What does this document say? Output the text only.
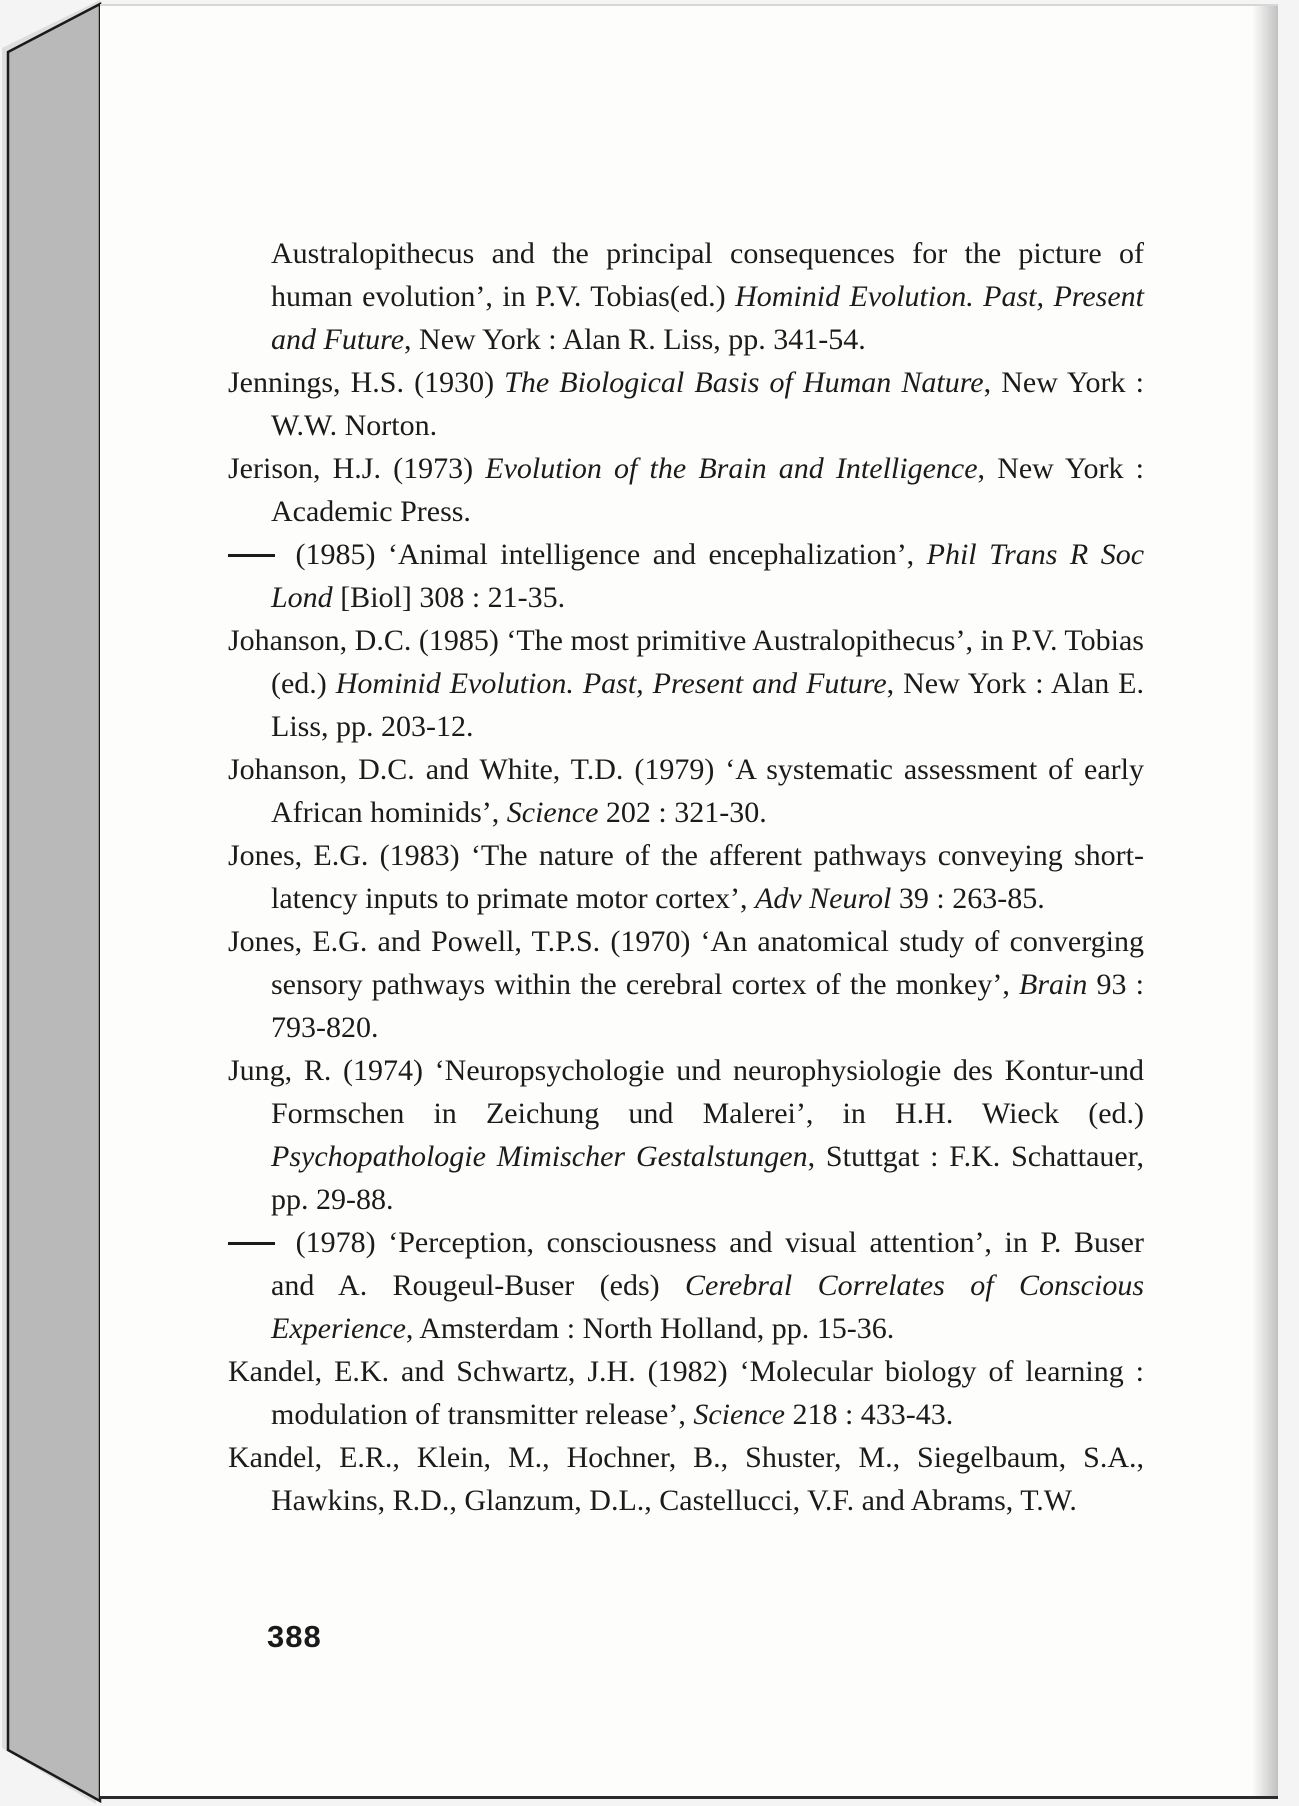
Australopithecus and the principal consequences for the picture of human evolution’, in P.V. Tobias(ed.) Hominid Evolution. Past, Present and Future, New York : Alan R. Liss, pp. 341-54.

Jennings, H.S. (1930) The Biological Basis of Human Nature, New York : W.W. Norton.

Jerison, H.J. (1973) Evolution of the Brain and Intelligence, New York : Academic Press.

(1985) ‘Animal intelligence and encephalization’, Phil Trans R Soc Lond [Biol] 308 : 21-35.

Johanson, D.C. (1985) ‘The most primitive Australopithecus’, in P.V. Tobias (ed.) Hominid Evolution. Past, Present and Future, New York : Alan E. Liss, pp. 203-12.

Johanson, D.C. and White, T.D. (1979) ‘A systematic assessment of early African hominids’, Science 202 : 321-30.

Jones, E.G. (1983) ‘The nature of the afferent pathways conveying short-latency inputs to primate motor cortex’, Adv Neurol 39 : 263-85.

Jones, E.G. and Powell, T.P.S. (1970) ‘An anatomical study of converging sensory pathways within the cerebral cortex of the monkey’, Brain 93 : 793-820.

Jung, R. (1974) ‘Neuropsychologie und neurophysiologie des Kontur-und Formschen in Zeichung und Malerei’, in H.H. Wieck (ed.) Psychopathologie Mimischer Gestalstungen, Stuttgat : F.K. Schattauer, pp. 29-88.

(1978) ‘Perception, consciousness and visual attention’, in P. Buser and A. Rougeul-Buser (eds) Cerebral Correlates of Conscious Experience, Amsterdam : North Holland, pp. 15-36.

Kandel, E.K. and Schwartz, J.H. (1982) ‘Molecular biology of learning : modulation of transmitter release’, Science 218 : 433-43.

Kandel, E.R., Klein, M., Hochner, B., Shuster, M., Siegelbaum, S.A., Hawkins, R.D., Glanzum, D.L., Castellucci, V.F. and Abrams, T.W.

388
